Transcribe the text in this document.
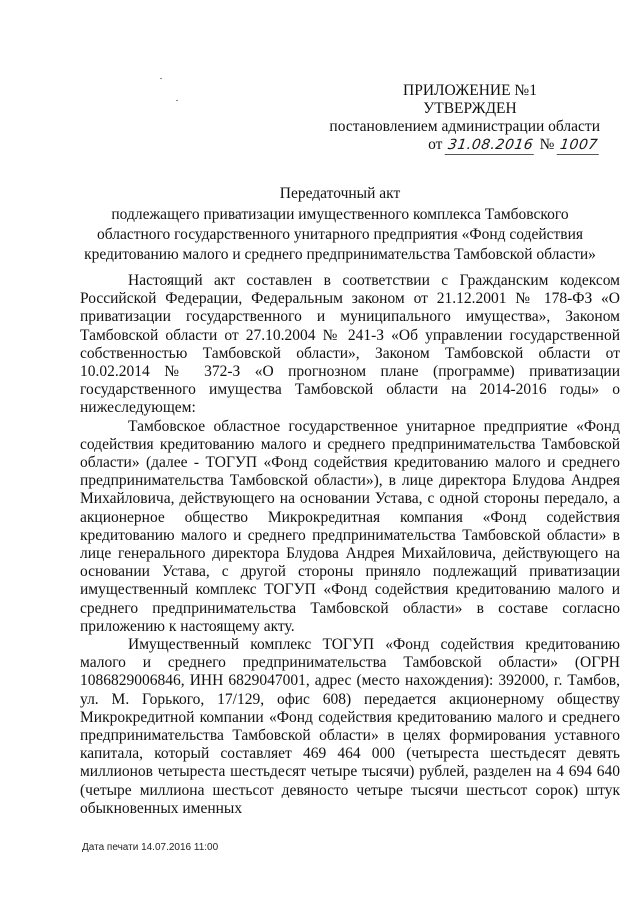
ПРИЛОЖЕНИЕ №1
УТВЕРЖДЕН
постановлением администрации области
от 31.08.2016 № 1007
Передаточный акт
подлежащего приватизации имущественного комплекса Тамбовского
областного государственного унитарного предприятия «Фонд содействия
кредитованию малого и среднего предпринимательства Тамбовской области»

Настоящий акт составлен в соответствии с Гражданским кодексом Российской Федерации, Федеральным законом от 21.12.2001 № 178-ФЗ «О приватизации государственного и муниципального имущества», Законом Тамбовской области от 27.10.2004 № 241-З «Об управлении государственной собственностью Тамбовской области», Законом Тамбовской области от 10.02.2014 № 372-З «О прогнозном плане (программе) приватизации государственного имущества Тамбовской области на 2014-2016 годы» о нижеследующем:

Тамбовское областное государственное унитарное предприятие «Фонд содействия кредитованию малого и среднего предпринимательства Тамбовской области» (далее - ТОГУП «Фонд содействия кредитованию малого и среднего предпринимательства Тамбовской области»), в лице директора Блудова Андрея Михайловича, действующего на основании Устава, с одной стороны передало, а акционерное общество Микрокредитная компания «Фонд содействия кредитованию малого и среднего предпринимательства Тамбовской области» в лице генерального директора Блудова Андрея Михайловича, действующего на основании Устава, с другой стороны приняло подлежащий приватизации имущественный комплекс ТОГУП «Фонд содействия кредитованию малого и среднего предпринимательства Тамбовской области» в составе согласно приложению к настоящему акту.

Имущественный комплекс ТОГУП «Фонд содействия кредитованию малого и среднего предпринимательства Тамбовской области» (ОГРН 1086829006846, ИНН 6829047001, адрес (место нахождения): 392000, г. Тамбов, ул. М. Горького, 17/129, офис 608) передается акционерному обществу Микрокредитной компании «Фонд содействия кредитованию малого и среднего предпринимательства Тамбовской области» в целях формирования уставного капитала, который составляет 469 464 000 (четыреста шестьдесят девять миллионов четыреста шестьдесят четыре тысячи) рублей, разделен на 4 694 640 (четыре миллиона шестьсот девяносто четыре тысячи шестьсот сорок) штук обыкновенных именных

Дата печати 14.07.2016 11:00
